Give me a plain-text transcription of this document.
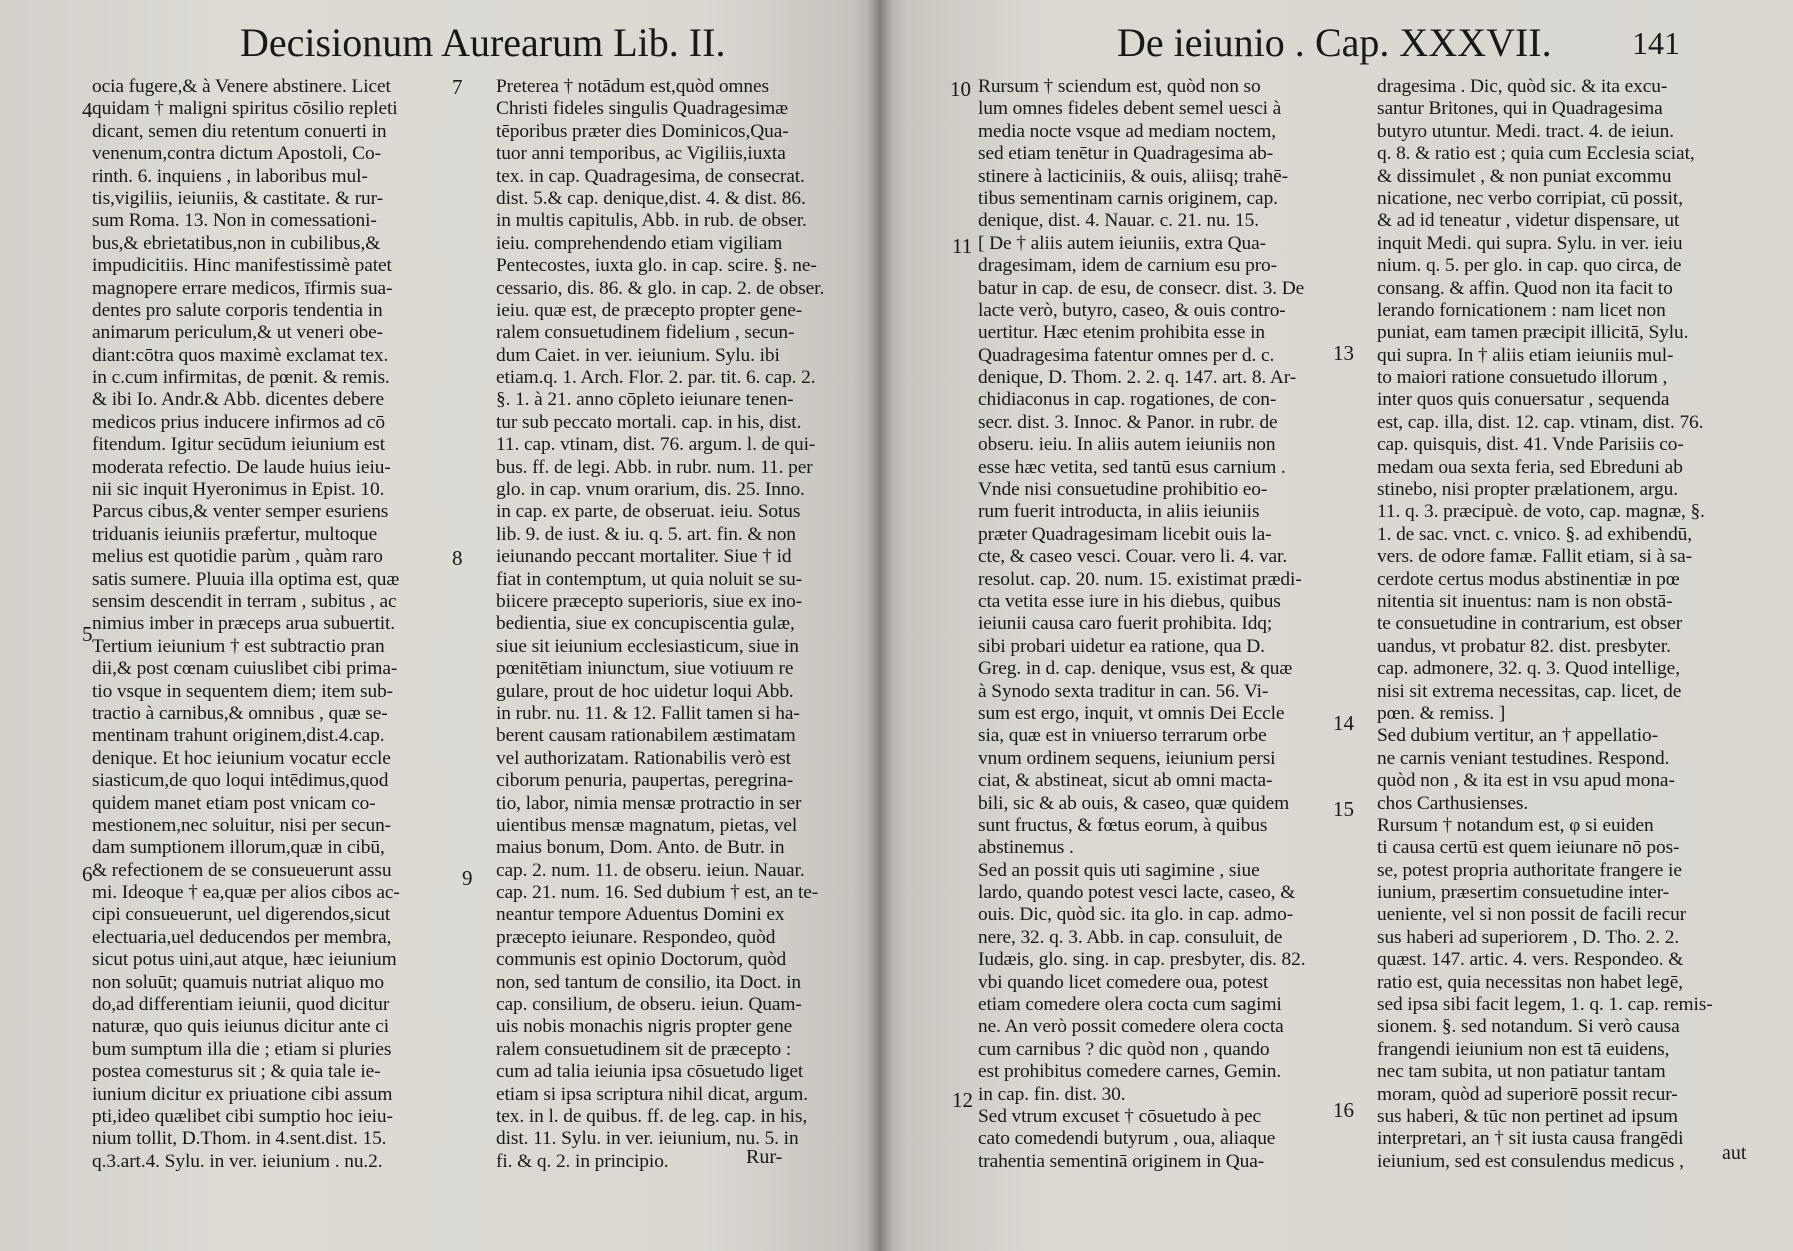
Decisionum Aurearum Lib. II.
ocia fugere,& à Venere abstinere. Licet
quidam † maligni spiritus cōsilio repleti
dicant, semen diu retentum conuerti in
venenum,contra dictum Apostoli, Co-
rinth. 6. inquiens , in laboribus mul-
tis,vigiliis, ieiuniis, & castitate. & rur-
sum Roma. 13. Non in comessationi-
bus,& ebrietatibus,non in cubilibus,&
impudicitiis. Hinc manifestissimè patet
magnopere errare medicos, īfirmis sua-
dentes pro salute corporis tendentia in
animarum periculum,& ut veneri obe-
diant:cōtra quos maximè exclamat tex.
in c.cum infirmitas, de pœnit. & remis.
& ibi Io. Andr.& Abb. dicentes debere
medicos prius inducere infirmos ad cō
fitendum. Igitur secūdum ieiunium est
moderata refectio. De laude huius ieiu-
nii sic inquit Hyeronimus in Epist. 10.
Parcus cibus,& venter semper esuriens
triduanis ieiuniis præfertur, multoque
melius est quotidie parùm , quàm raro
satis sumere. Pluuia illa optima est, quæ
sensim descendit in terram , subitus , ac
nimius imber in præceps arua subuertit.
Tertium ieiunium † est subtractio pran
dii,& post cœnam cuiuslibet cibi prima-
tio vsque in sequentem diem; item sub-
tractio à carnibus,& omnibus , quæ se-
mentinam trahunt originem,dist.4.cap.
denique. Et hoc ieiunium vocatur eccle
siasticum,de quo loqui intēdimus,quod
quidem manet etiam post vnicam co-
mestionem,nec soluitur, nisi per secun-
dam sumptionem illorum,quæ in cibū,
& refectionem de se consueuerunt assu
mi. Ideoque † ea,quæ per alios cibos ac-
cipi consueuerunt, uel digerendos,sicut
electuaria,uel deducendos per membra,
sicut potus uini,aut atque, hæc ieiunium
non soluūt; quamuis nutriat aliquo mo
do,ad differentiam ieiunii, quod dicitur
naturæ, quo quis ieiunus dicitur ante ci
bum sumptum illa die ; etiam si pluries
postea comesturus sit ; & quia tale ie-
iunium dicitur ex priuatione cibi assum
pti,ideo quælibet cibi sumptio hoc ieiu-
nium tollit, D.Thom. in 4.sent.dist. 15.
q.3.art.4. Sylu. in ver. ieiunium . nu.2.
Preterea † notādum est,quòd omnes
Christi fideles singulis Quadragesimæ
tēporibus præter dies Dominicos,Qua-
tuor anni temporibus, ac Vigiliis,iuxta
tex. in cap. Quadragesima, de consecrat.
dist. 5.& cap. denique,dist. 4. & dist. 86.
in multis capitulis, Abb. in rub. de obser.
ieiu. comprehendendo etiam vigiliam
Pentecostes, iuxta glo. in cap. scire. §. ne-
cessario, dis. 86. & glo. in cap. 2. de obser.
ieiu. quæ est, de præcepto propter gene-
ralem consuetudinem fidelium , secun-
dum Caiet. in ver. ieiunium. Sylu. ibi
etiam.q. 1. Arch. Flor. 2. par. tit. 6. cap. 2.
§. 1. à 21. anno cōpleto ieiunare tenen-
tur sub peccato mortali. cap. in his, dist.
11. cap. vtinam, dist. 76. argum. l. de qui-
bus. ff. de legi. Abb. in rubr. num. 11. per
glo. in cap. vnum orarium, dis. 25. Inno.
in cap. ex parte, de obseruat. ieiu. Sotus
lib. 9. de iust. & iu. q. 5. art. fin. & non
ieiunando peccant mortaliter. Siue † id
fiat in contemptum, ut quia noluit se su-
biicere præcepto superioris, siue ex ino-
bedientia, siue ex concupiscentia gulæ,
siue sit ieiunium ecclesiasticum, siue in
pœnitētiam iniunctum, siue votiuum re
gulare, prout de hoc uidetur loqui Abb.
in rubr. nu. 11. & 12. Fallit tamen si ha-
berent causam rationabilem æstimatam
vel authorizatam. Rationabilis verò est
ciborum penuria, paupertas, peregrina-
tio, labor, nimia mensæ protractio in ser
uientibus mensæ magnatum, pietas, vel
maius bonum, Dom. Anto. de Butr. in
cap. 2. num. 11. de obseru. ieiun. Nauar.
cap. 21. num. 16. Sed dubium † est, an te-
neantur tempore Aduentus Domini ex
præcepto ieiunare. Respondeo, quòd
communis est opinio Doctorum, quòd
non, sed tantum de consilio, ita Doct. in
cap. consilium, de obseru. ieiun. Quam-
uis nobis monachis nigris propter gene
ralem consuetudinem sit de præcepto :
cum ad talia ieiunia ipsa cōsuetudo liget
etiam si ipsa scriptura nihil dicat, argum.
tex. in l. de quibus. ff. de leg. cap. in his,
dist. 11. Sylu. in ver. ieiunium, nu. 5. in
fi. & q. 2. in principio.
4
5
6
7
8
9
Rur-
De ieiunio . Cap. XXXVII.	141
Rursum † sciendum est, quòd non so
lum omnes fideles debent semel uesci à
media nocte vsque ad mediam noctem,
sed etiam tenētur in Quadragesima ab-
stinere à lacticiniis, & ouis, aliisq; trahē-
tibus sementinam carnis originem, cap.
denique, dist. 4. Nauar. c. 21. nu. 15.
[ De † aliis autem ieiuniis, extra Qua-
dragesimam, idem de carnium esu pro-
batur in cap. de esu, de consecr. dist. 3. De
lacte verò, butyro, caseo, & ouis contro-
uertitur. Hæc etenim prohibita esse in
Quadragesima fatentur omnes per d. c.
denique, D. Thom. 2. 2. q. 147. art. 8. Ar-
chidiaconus in cap. rogationes, de con-
secr. dist. 3. Innoc. & Panor. in rubr. de
obseru. ieiu. In aliis autem ieiuniis non
esse hæc vetita, sed tantū esus carnium .
Vnde nisi consuetudine prohibitio eo-
rum fuerit introducta, in aliis ieiuniis
præter Quadragesimam licebit ouis la-
cte, & caseo vesci. Couar. vero li. 4. var.
resolut. cap. 20. num. 15. existimat prædi-
cta vetita esse iure in his diebus, quibus
ieiunii causa caro fuerit prohibita. Idq;
sibi probari uidetur ea ratione, qua D.
Greg. in d. cap. denique, vsus est, & quæ
à Synodo sexta traditur in can. 56. Vi-
sum est ergo, inquit, vt omnis Dei Eccle
sia, quæ est in vniuerso terrarum orbe
vnum ordinem sequens, ieiunium persi
ciat, & abstineat, sicut ab omni macta-
bili, sic & ab ouis, & caseo, quæ quidem
sunt fructus, & fœtus eorum, à quibus
abstinemus .
Sed an possit quis uti sagimine , siue
lardo, quando potest vesci lacte, caseo, &
ouis. Dic, quòd sic. ita glo. in cap. admo-
nere, 32. q. 3. Abb. in cap. consuluit, de
Iudæis, glo. sing. in cap. presbyter, dis. 82.
vbi quando licet comedere oua, potest
etiam comedere olera cocta cum sagimi
ne. An verò possit comedere olera cocta
cum carnibus ? dic quòd non , quando
est prohibitus comedere carnes, Gemin.
in cap. fin. dist. 30.
Sed vtrum excuset † cōsuetudo à pec
cato comedendi butyrum , oua, aliaque
trahentia sementinā originem in Qua-
dragesima . Dic, quòd sic. & ita excu-
santur Britones, qui in Quadragesima
butyro utuntur. Medi. tract. 4. de ieiun.
q. 8. & ratio est ; quia cum Ecclesia sciat,
& dissimulet , & non puniat excommu
nicatione, nec verbo corripiat, cū possit,
& ad id teneatur , videtur dispensare, ut
inquit Medi. qui supra. Sylu. in ver. ieiu
nium. q. 5. per glo. in cap. quo circa, de
consang. & affin. Quod non ita facit to
lerando fornicationem : nam licet non
puniat, eam tamen præcipit illicitā, Sylu.
qui supra. In † aliis etiam ieiuniis mul-
to maiori ratione consuetudo illorum ,
inter quos quis conuersatur , sequenda
est, cap. illa, dist. 12. cap. vtinam, dist. 76.
cap. quisquis, dist. 41. Vnde Parisiis co-
medam oua sexta feria, sed Ebreduni ab
stinebo, nisi propter prælationem, argu.
11. q. 3. præcipuè. de voto, cap. magnæ, §.
1. de sac. vnct. c. vnico. §. ad exhibendū,
vers. de odore famæ. Fallit etiam, si à sa-
cerdote certus modus abstinentiæ in pœ
nitentia sit inuentus: nam is non obstā-
te consuetudine in contrarium, est obser
uandus, vt probatur 82. dist. presbyter.
cap. admonere, 32. q. 3. Quod intellige,
nisi sit extrema necessitas, cap. licet, de
pœn. & remiss. ]
Sed dubium vertitur, an † appellatio-
ne carnis veniant testudines. Respond.
quòd non , & ita est in vsu apud mona-
chos Carthusienses.
Rursum † notandum est, φ si euiden
ti causa certū est quem ieiunare nō pos-
se, potest propria authoritate frangere ie
iunium, præsertim consuetudine inter-
ueniente, vel si non possit de facili recur
sus haberi ad superiorem , D. Tho. 2. 2.
quæst. 147. artic. 4. vers. Respondeo. &
ratio est, quia necessitas non habet legē,
sed ipsa sibi facit legem, 1. q. 1. cap. remis-
sionem. §. sed notandum. Si verò causa
frangendi ieiunium non est tā euidens,
nec tam subita, ut non patiatur tantam
moram, quòd ad superiorē possit recur-
sus haberi, & tūc non pertinet ad ipsum
interpretari, an † sit iusta causa frangēdi
ieiunium, sed est consulendus medicus ,
10
11
12
13
14
15
16
aut
